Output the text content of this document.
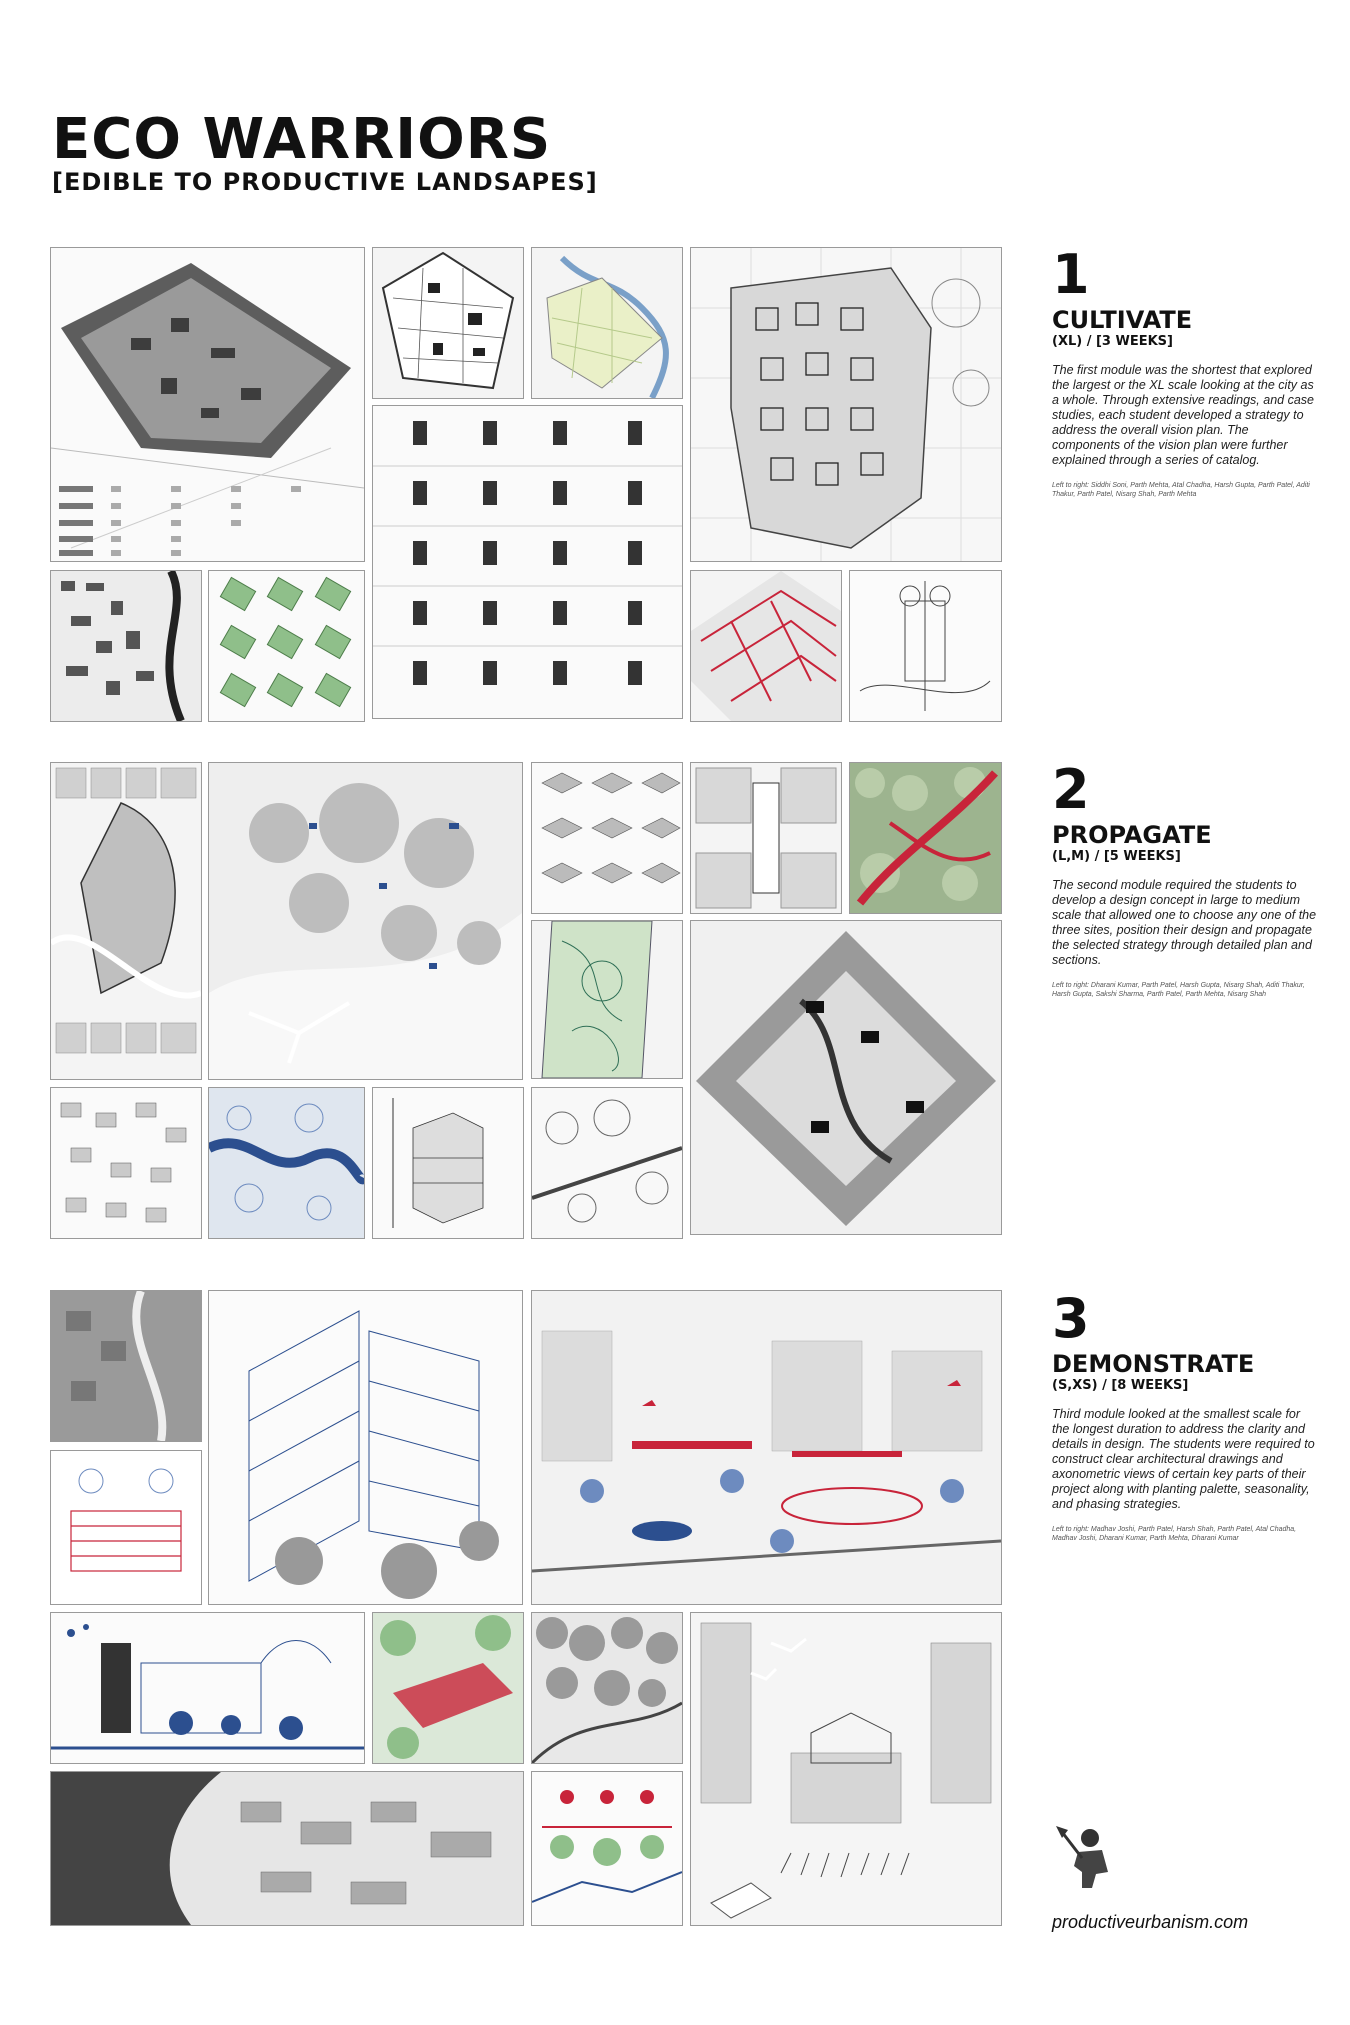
ECO WARRIORS
[EDIBLE TO PRODUCTIVE LANDSAPES]
1
CULTIVATE
(XL) / [3 WEEKS]
The first module was the shortest that explored the largest or the XL scale looking at the city as a whole. Through extensive readings, and case studies, each student developed a strategy to address the overall vision plan. The components of the vision plan were further explained through a series of catalog.
Left to right: Siddhi Soni, Parth Mehta, Atal Chadha, Harsh Gupta, Parth Patel, Aditi Thakur, Parth Patel, Nisarg Shah, Parth Mehta
2
PROPAGATE
(L,M) / [5 WEEKS]
The second module required the students to develop a design concept in large to medium scale that allowed one to choose any one of the three sites, position their design and propagate the selected strategy through detailed plan and sections.
Left to right: Dharani Kumar, Parth Patel, Harsh Gupta, Nisarg Shah, Aditi Thakur, Harsh Gupta, Sakshi Sharma, Parth Patel, Parth Mehta, Nisarg Shah
3
DEMONSTRATE
(S,XS) / [8 WEEKS]
Third module looked at the smallest scale for the longest duration to address the clarity and details in design. The students were required to construct clear architectural drawings and axonometric views of certain key parts of their project along with planting palette, seasonality, and phasing strategies.
Left to right: Madhav Joshi, Parth Patel, Harsh Shah, Parth Patel, Atal Chadha, Madhav Joshi, Dharani Kumar, Parth Mehta, Dharani Kumar
productiveurbanism.com
